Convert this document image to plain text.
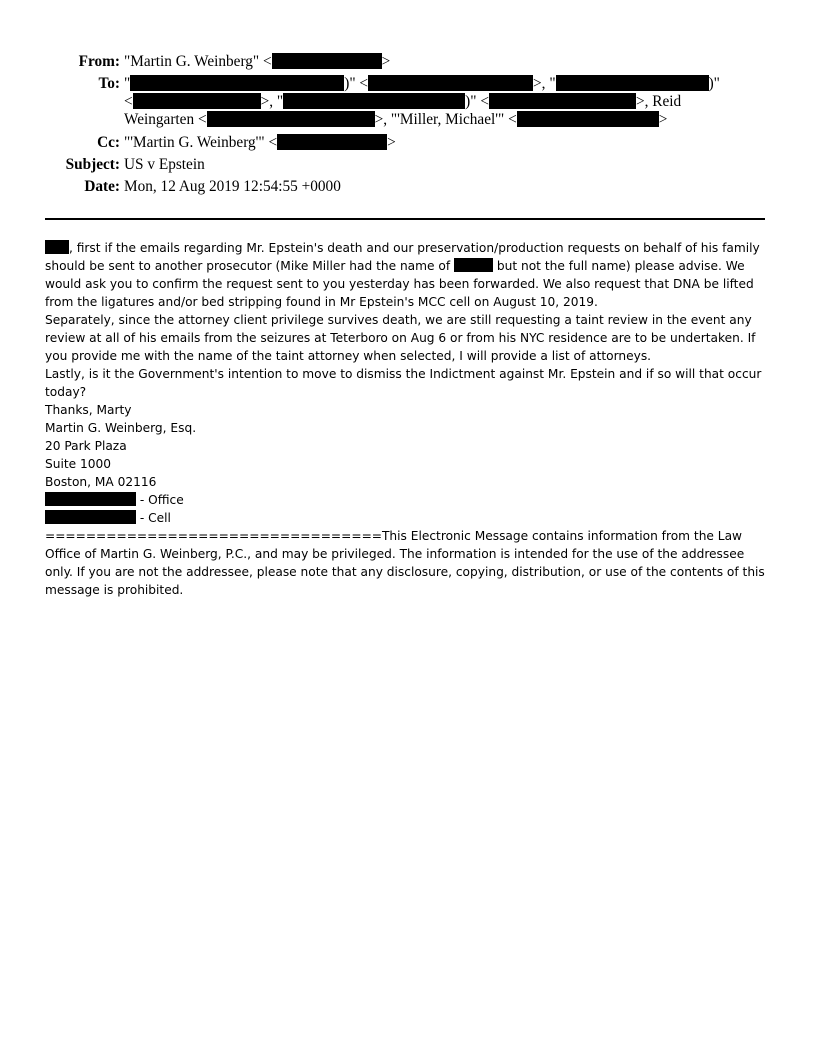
From: "Martin G. Weinberg" <	>
To: "	)" <	>, "	)"
<	>, "	)" <	>, Reid
Weingarten <	>, "'Miller, Michael'" <	>
Cc: "'Martin G. Weinberg'" <	>
Subject: US v Epstein
Date: Mon, 12 Aug 2019 12:54:55 +0000

, first if the emails regarding Mr. Epstein's death and our preservation/production requests on behalf of his family should be sent to another prosecutor (Mike Miller had the name of	but not the full name) please advise. We would ask you to confirm the request sent to you yesterday has been forwarded. We also request that DNA be lifted from the ligatures and/or bed stripping found in Mr Epstein's MCC cell on August 10, 2019.

Separately, since the attorney client privilege survives death, we are still requesting a taint review in the event any review at all of his emails from the seizures at Teterboro on Aug 6 or from his NYC residence are to be undertaken. If you provide me with the name of the taint attorney when selected, I will provide a list of attorneys.

Lastly, is it the Government's intention to move to dismiss the Indictment against Mr. Epstein and if so will that occur today?

Thanks, Marty

Martin G. Weinberg, Esq.

20 Park Plaza

Suite 1000

Boston, MA 02116

- Office

- Cell

=================================This Electronic Message contains information from the Law Office of Martin G. Weinberg, P.C., and may be privileged. The information is intended for the use of the addressee only. If you are not the addressee, please note that any disclosure, copying, distribution, or use of the contents of this message is prohibited.
